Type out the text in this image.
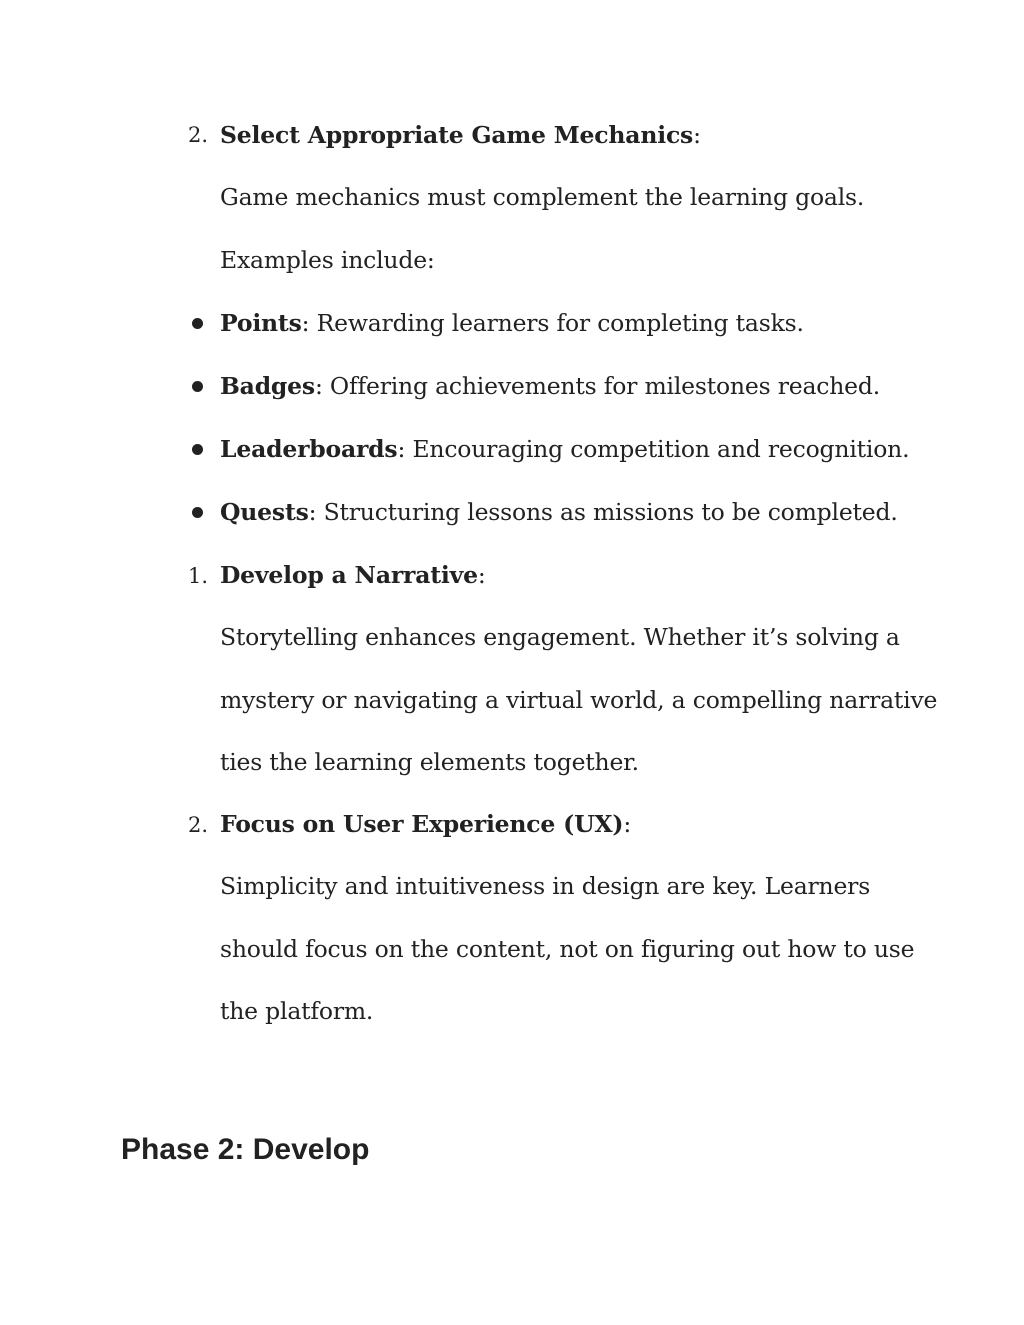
2. Select Appropriate Game Mechanics:
Game mechanics must complement the learning goals.
Examples include:
Points: Rewarding learners for completing tasks.
Badges: Offering achievements for milestones reached.
Leaderboards: Encouraging competition and recognition.
Quests: Structuring lessons as missions to be completed.
1. Develop a Narrative:
Storytelling enhances engagement. Whether it’s solving a
mystery or navigating a virtual world, a compelling narrative
ties the learning elements together.
2. Focus on User Experience (UX):
Simplicity and intuitiveness in design are key. Learners
should focus on the content, not on figuring out how to use
the platform.
Phase 2: Develop
